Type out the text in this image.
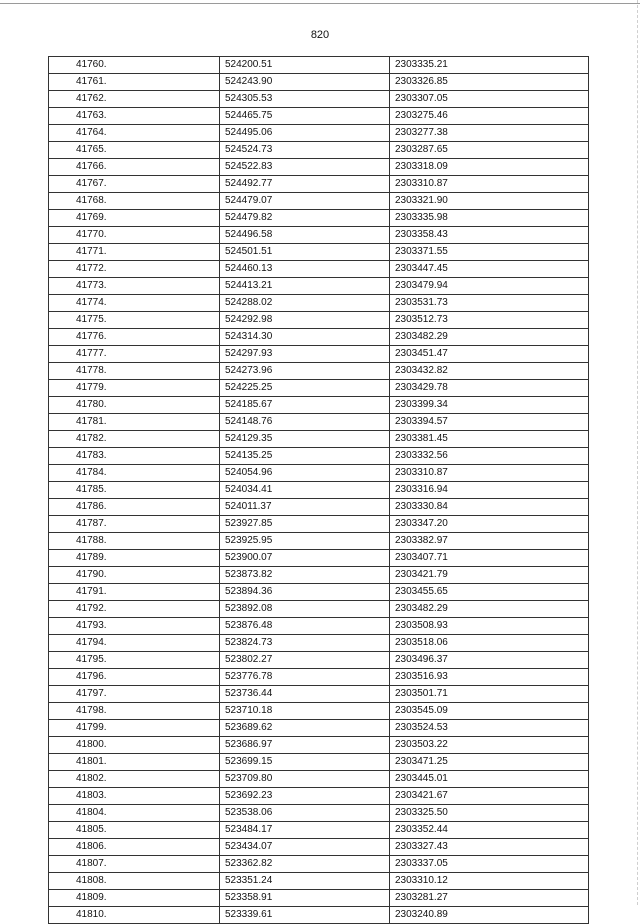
820
41760.	524200.51	2303335.21
41761.	524243.90	2303326.85
41762.	524305.53	2303307.05
41763.	524465.75	2303275.46
41764.	524495.06	2303277.38
41765.	524524.73	2303287.65
41766.	524522.83	2303318.09
41767.	524492.77	2303310.87
41768.	524479.07	2303321.90
41769.	524479.82	2303335.98
41770.	524496.58	2303358.43
41771.	524501.51	2303371.55
41772.	524460.13	2303447.45
41773.	524413.21	2303479.94
41774.	524288.02	2303531.73
41775.	524292.98	2303512.73
41776.	524314.30	2303482.29
41777.	524297.93	2303451.47
41778.	524273.96	2303432.82
41779.	524225.25	2303429.78
41780.	524185.67	2303399.34
41781.	524148.76	2303394.57
41782.	524129.35	2303381.45
41783.	524135.25	2303332.56
41784.	524054.96	2303310.87
41785.	524034.41	2303316.94
41786.	524011.37	2303330.84
41787.	523927.85	2303347.20
41788.	523925.95	2303382.97
41789.	523900.07	2303407.71
41790.	523873.82	2303421.79
41791.	523894.36	2303455.65
41792.	523892.08	2303482.29
41793.	523876.48	2303508.93
41794.	523824.73	2303518.06
41795.	523802.27	2303496.37
41796.	523776.78	2303516.93
41797.	523736.44	2303501.71
41798.	523710.18	2303545.09
41799.	523689.62	2303524.53
41800.	523686.97	2303503.22
41801.	523699.15	2303471.25
41802.	523709.80	2303445.01
41803.	523692.23	2303421.67
41804.	523538.06	2303325.50
41805.	523484.17	2303352.44
41806.	523434.07	2303327.43
41807.	523362.82	2303337.05
41808.	523351.24	2303310.12
41809.	523358.91	2303281.27
41810.	523339.61	2303240.89
